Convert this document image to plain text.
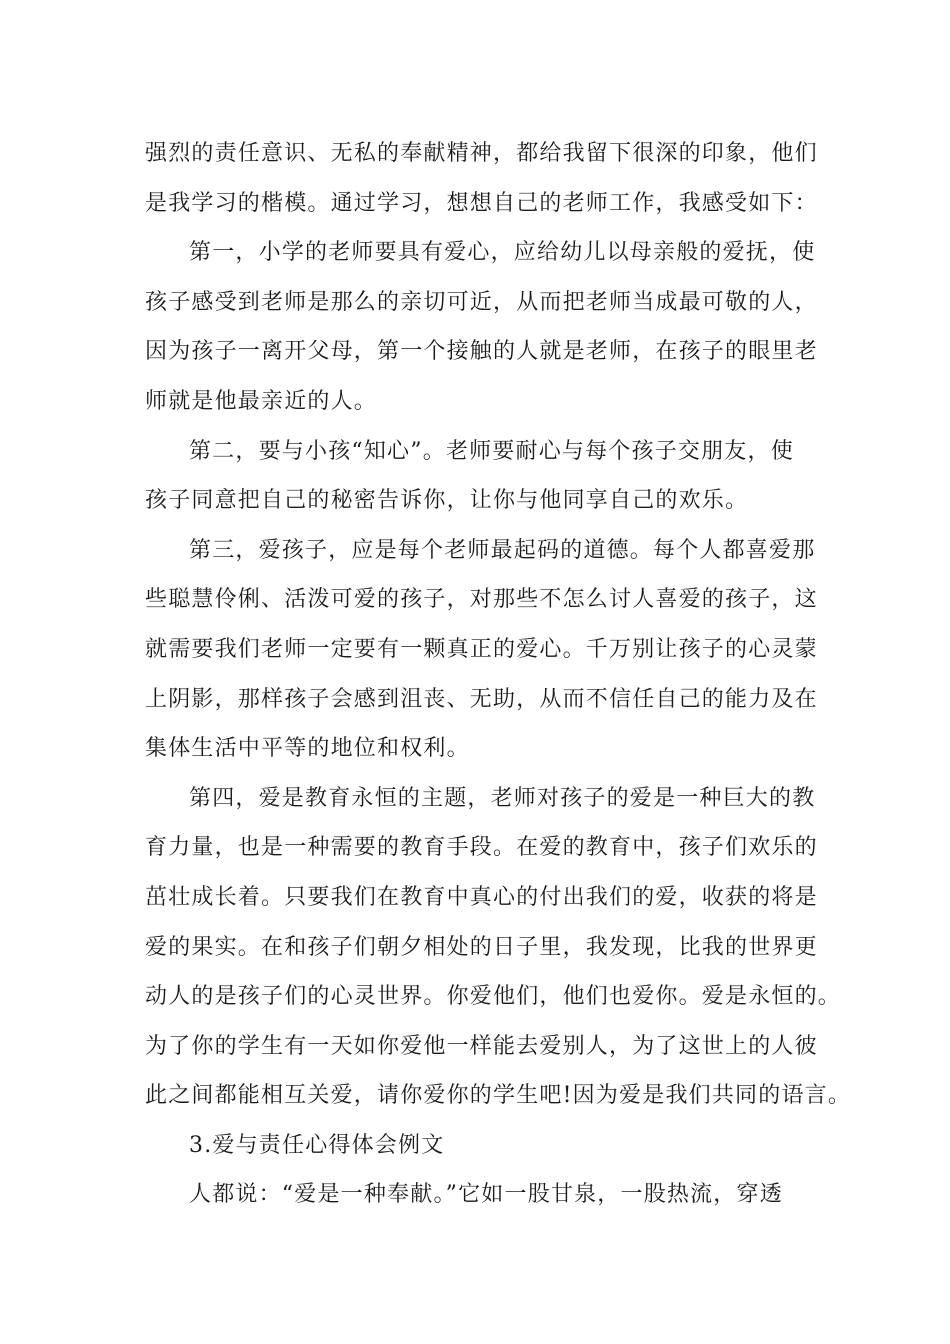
强烈的责任意识、无私的奉献精神，都给我留下很深的印象，他们
是我学习的楷模。通过学习，想想自己的老师工作，我感受如下：
第一，小学的老师要具有爱心，应给幼儿以母亲般的爱抚，使
孩子感受到老师是那么的亲切可近，从而把老师当成最可敬的人，
因为孩子一离开父母，第一个接触的人就是老师，在孩子的眼里老
师就是他最亲近的人。
第二，要与小孩“知心”。老师要耐心与每个孩子交朋友，使
孩子同意把自己的秘密告诉你，让你与他同享自己的欢乐。
第三，爱孩子，应是每个老师最起码的道德。每个人都喜爱那
些聪慧伶俐、活泼可爱的孩子，对那些不怎么讨人喜爱的孩子，这
就需要我们老师一定要有一颗真正的爱心。千万别让孩子的心灵蒙
上阴影，那样孩子会感到沮丧、无助，从而不信任自己的能力及在
集体生活中平等的地位和权利。
第四，爱是教育永恒的主题，老师对孩子的爱是一种巨大的教
育力量，也是一种需要的教育手段。在爱的教育中，孩子们欢乐的
茁壮成长着。只要我们在教育中真心的付出我们的爱，收获的将是
爱的果实。在和孩子们朝夕相处的日子里，我发现，比我的世界更
动人的是孩子们的心灵世界。你爱他们，他们也爱你。爱是永恒的。
为了你的学生有一天如你爱他一样能去爱别人，为了这世上的人彼
此之间都能相互关爱，请你爱你的学生吧!因为爱是我们共同的语言。
3.爱与责任心得体会例文
人都说：“爱是一种奉献。”它如一股甘泉，一股热流，穿透
